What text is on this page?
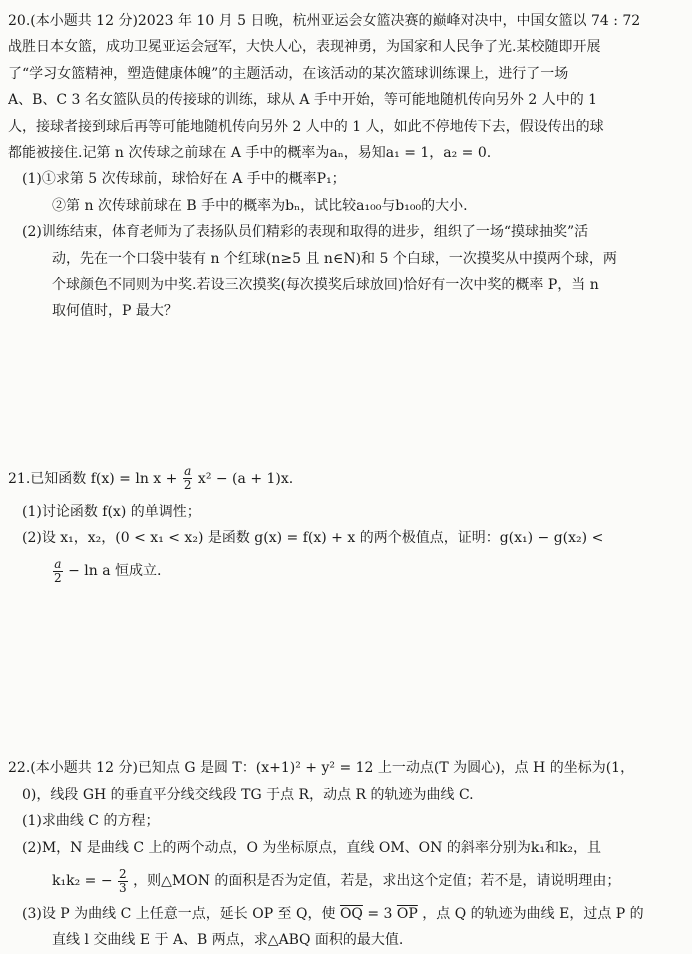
20.(本小题共 12 分)2023 年 10 月 5 日晚，杭州亚运会女篮决赛的巅峰对决中，中国女篮以 74 : 72
战胜日本女篮，成功卫冕亚运会冠军，大快人心，表现神勇，为国家和人民争了光.某校随即开展
了“学习女篮精神，塑造健康体魄”的主题活动，在该活动的某次篮球训练课上，进行了一场
A、B、C 3 名女篮队员的传接球的训练，球从 A 手中开始，等可能地随机传向另外 2 人中的 1
人，接球者接到球后再等可能地随机传向另外 2 人中的 1 人，如此不停地传下去，假设传出的球
都能被接住.记第 n 次传球之前球在 A 手中的概率为aₙ，易知a₁ = 1，a₂ = 0.
(1)①求第 5 次传球前，球恰好在 A 手中的概率P₁；
②第 n 次传球前球在 B 手中的概率为bₙ，试比较a₁₀₀与b₁₀₀的大小.
(2)训练结束，体育老师为了表扬队员们精彩的表现和取得的进步，组织了一场“摸球抽奖”活
动，先在一个口袋中装有 n 个红球(n≥5 且 n∈N)和 5 个白球，一次摸奖从中摸两个球，两
个球颜色不同则为中奖.若设三次摸奖(每次摸奖后球放回)恰好有一次中奖的概率 P，当 n
取何值时，P 最大？
21.已知函数 $f(x) = \ln x + \frac{a}{2} x^2 - (a + 1)x$.
(1)讨论函数 f(x) 的单调性；
(2)设 x₁，x₂，(0 < x₁ < x₂) 是函数 g(x) = f(x) + x 的两个极值点，证明：g(x₁) − g(x₂) <
$\frac{a}{2} - \ln a$ 恒成立.
22.(本小题共 12 分)已知点 G 是圆 T：(x+1)² + y² = 12 上一动点(T 为圆心)，点 H 的坐标为(1，
0)，线段 GH 的垂直平分线交线段 TG 于点 R，动点 R 的轨迹为曲线 C.
(1)求曲线 C 的方程；
(2)M，N 是曲线 C 上的两个动点，O 为坐标原点，直线 OM、ON 的斜率分别为k₁和k₂，且
k₁k₂ = − $\frac{2}{3}$ ，则△MON 的面积是否为定值，若是，求出这个定值；若不是，请说明理由；
(3)设 P 为曲线 C 上任意一点，延长 OP 至 Q，使 $\overline{OQ} = 3$ $\overline{OP}$ ，点 Q 的轨迹为曲线 E，过点 P 的
直线 l 交曲线 E 于 A、B 两点，求△ABQ 面积的最大值.
